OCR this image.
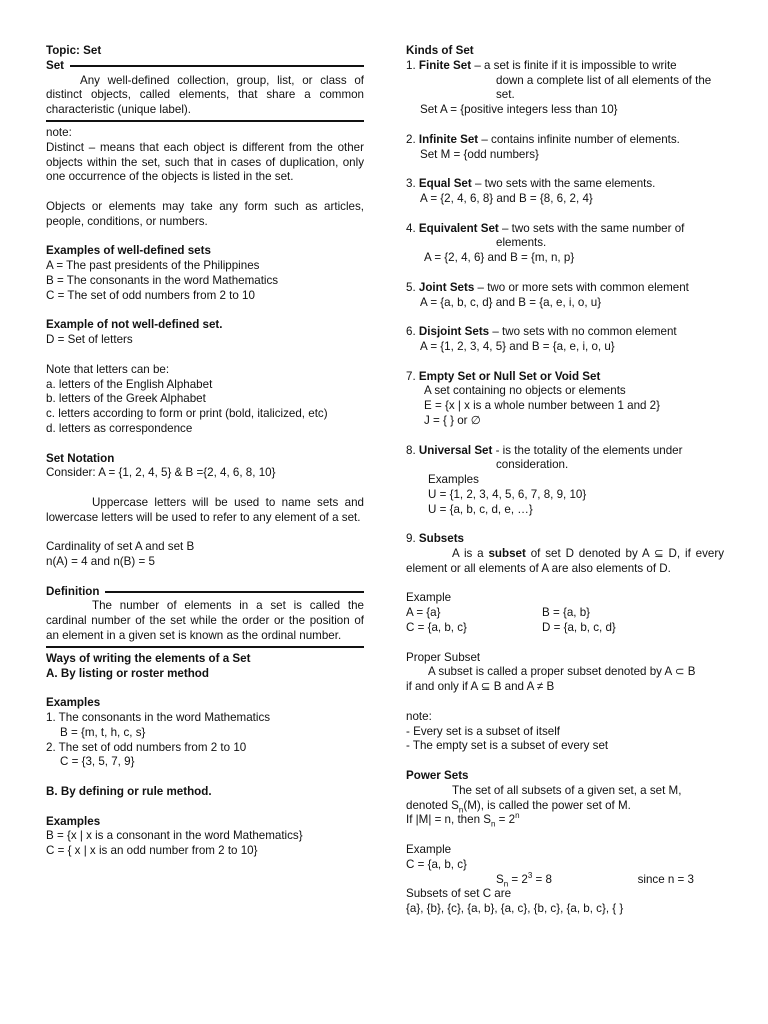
Topic: Set

Set

Any well-defined collection, group, list, or class of distinct objects, called elements, that share a common characteristic (unique label).

note:

Distinct – means that each object is different from the other objects within the set, such that in cases of duplication, only one occurrence of the objects is listed in the set.

Objects or elements may take any form such as articles, people, conditions, or numbers.

Examples of well-defined sets

A = The past presidents of the Philippines

B = The consonants in the word Mathematics

C = The set of odd numbers from 2 to 10

Example of not well-defined set.

D = Set of letters

Note that letters can be:

a. letters of the English Alphabet

b. letters of the Greek Alphabet

c. letters according to form or print (bold, italicized, etc)

d. letters as correspondence

Set Notation

Consider: A = {1, 2, 4, 5} & B ={2, 4, 6, 8, 10}

Uppercase letters will be used to name sets and lowercase letters will be used to refer to any element of a set.

Cardinality of set A and set B

n(A) = 4 and n(B) = 5

Definition

The number of elements in a set is called the cardinal number of the set while the order or the position of an element in a given set is known as the ordinal number.

Ways of writing the elements of a Set

A. By listing or roster method

Examples

1. The consonants in the word Mathematics

B = {m, t, h, c, s}

2. The set of odd numbers from 2 to 10

C = {3, 5, 7, 9}

B. By defining or rule method.

Examples

B = {x | x is a consonant in the word Mathematics}

C = { x | x is an odd number from 2 to 10}

Kinds of Set

1. Finite Set – a set is finite if it is impossible to write

down a complete list of all elements of the set.

Set A = {positive integers less than 10}

2. Infinite Set – contains infinite number of elements.

Set M = {odd numbers}

3. Equal Set – two sets with the same elements.

A = {2, 4, 6, 8} and B = {8, 6, 2, 4}

4. Equivalent Set – two sets with the same number of

elements.

A = {2, 4, 6} and B = {m, n, p}

5. Joint Sets – two or more sets with common element

A = {a, b, c, d} and B = {a, e, i, o, u}

6. Disjoint Sets – two sets with no common element

A = {1, 2, 3, 4, 5} and B = {a, e, i, o, u}

7. Empty Set or Null Set or Void Set

A set containing no objects or elements

E = {x | x is a whole number between 1 and 2}

J = { } or ∅

8. Universal Set - is the totality of the elements under

consideration.

Examples

U = {1, 2, 3, 4, 5, 6, 7, 8, 9, 10}

U = {a, b, c, d, e, …}

9. Subsets

A is a subset of set D denoted by A ⊆ D, if every element or all elements of A are also elements of D.

Example

A = {a}	B = {a, b}
C = {a, b, c}	D = {a, b, c, d}

Proper Subset

A subset is called a proper subset denoted by A ⊂ B

if and only if A ⊆ B and A ≠ B

note:

- Every set is a subset of itself

- The empty set is a subset of every set

Power Sets

The set of all subsets of a given set, a set M,

denoted $S_n(M)$, is called the power set of M.

If |M| = n, then $S_n = 2^n$

Example

C = {a, b, c}

$S_n = 2^3 = 8$	since n = 3

Subsets of set C are

{a}, {b}, {c}, {a, b}, {a, c}, {b, c}, {a, b, c}, { }
